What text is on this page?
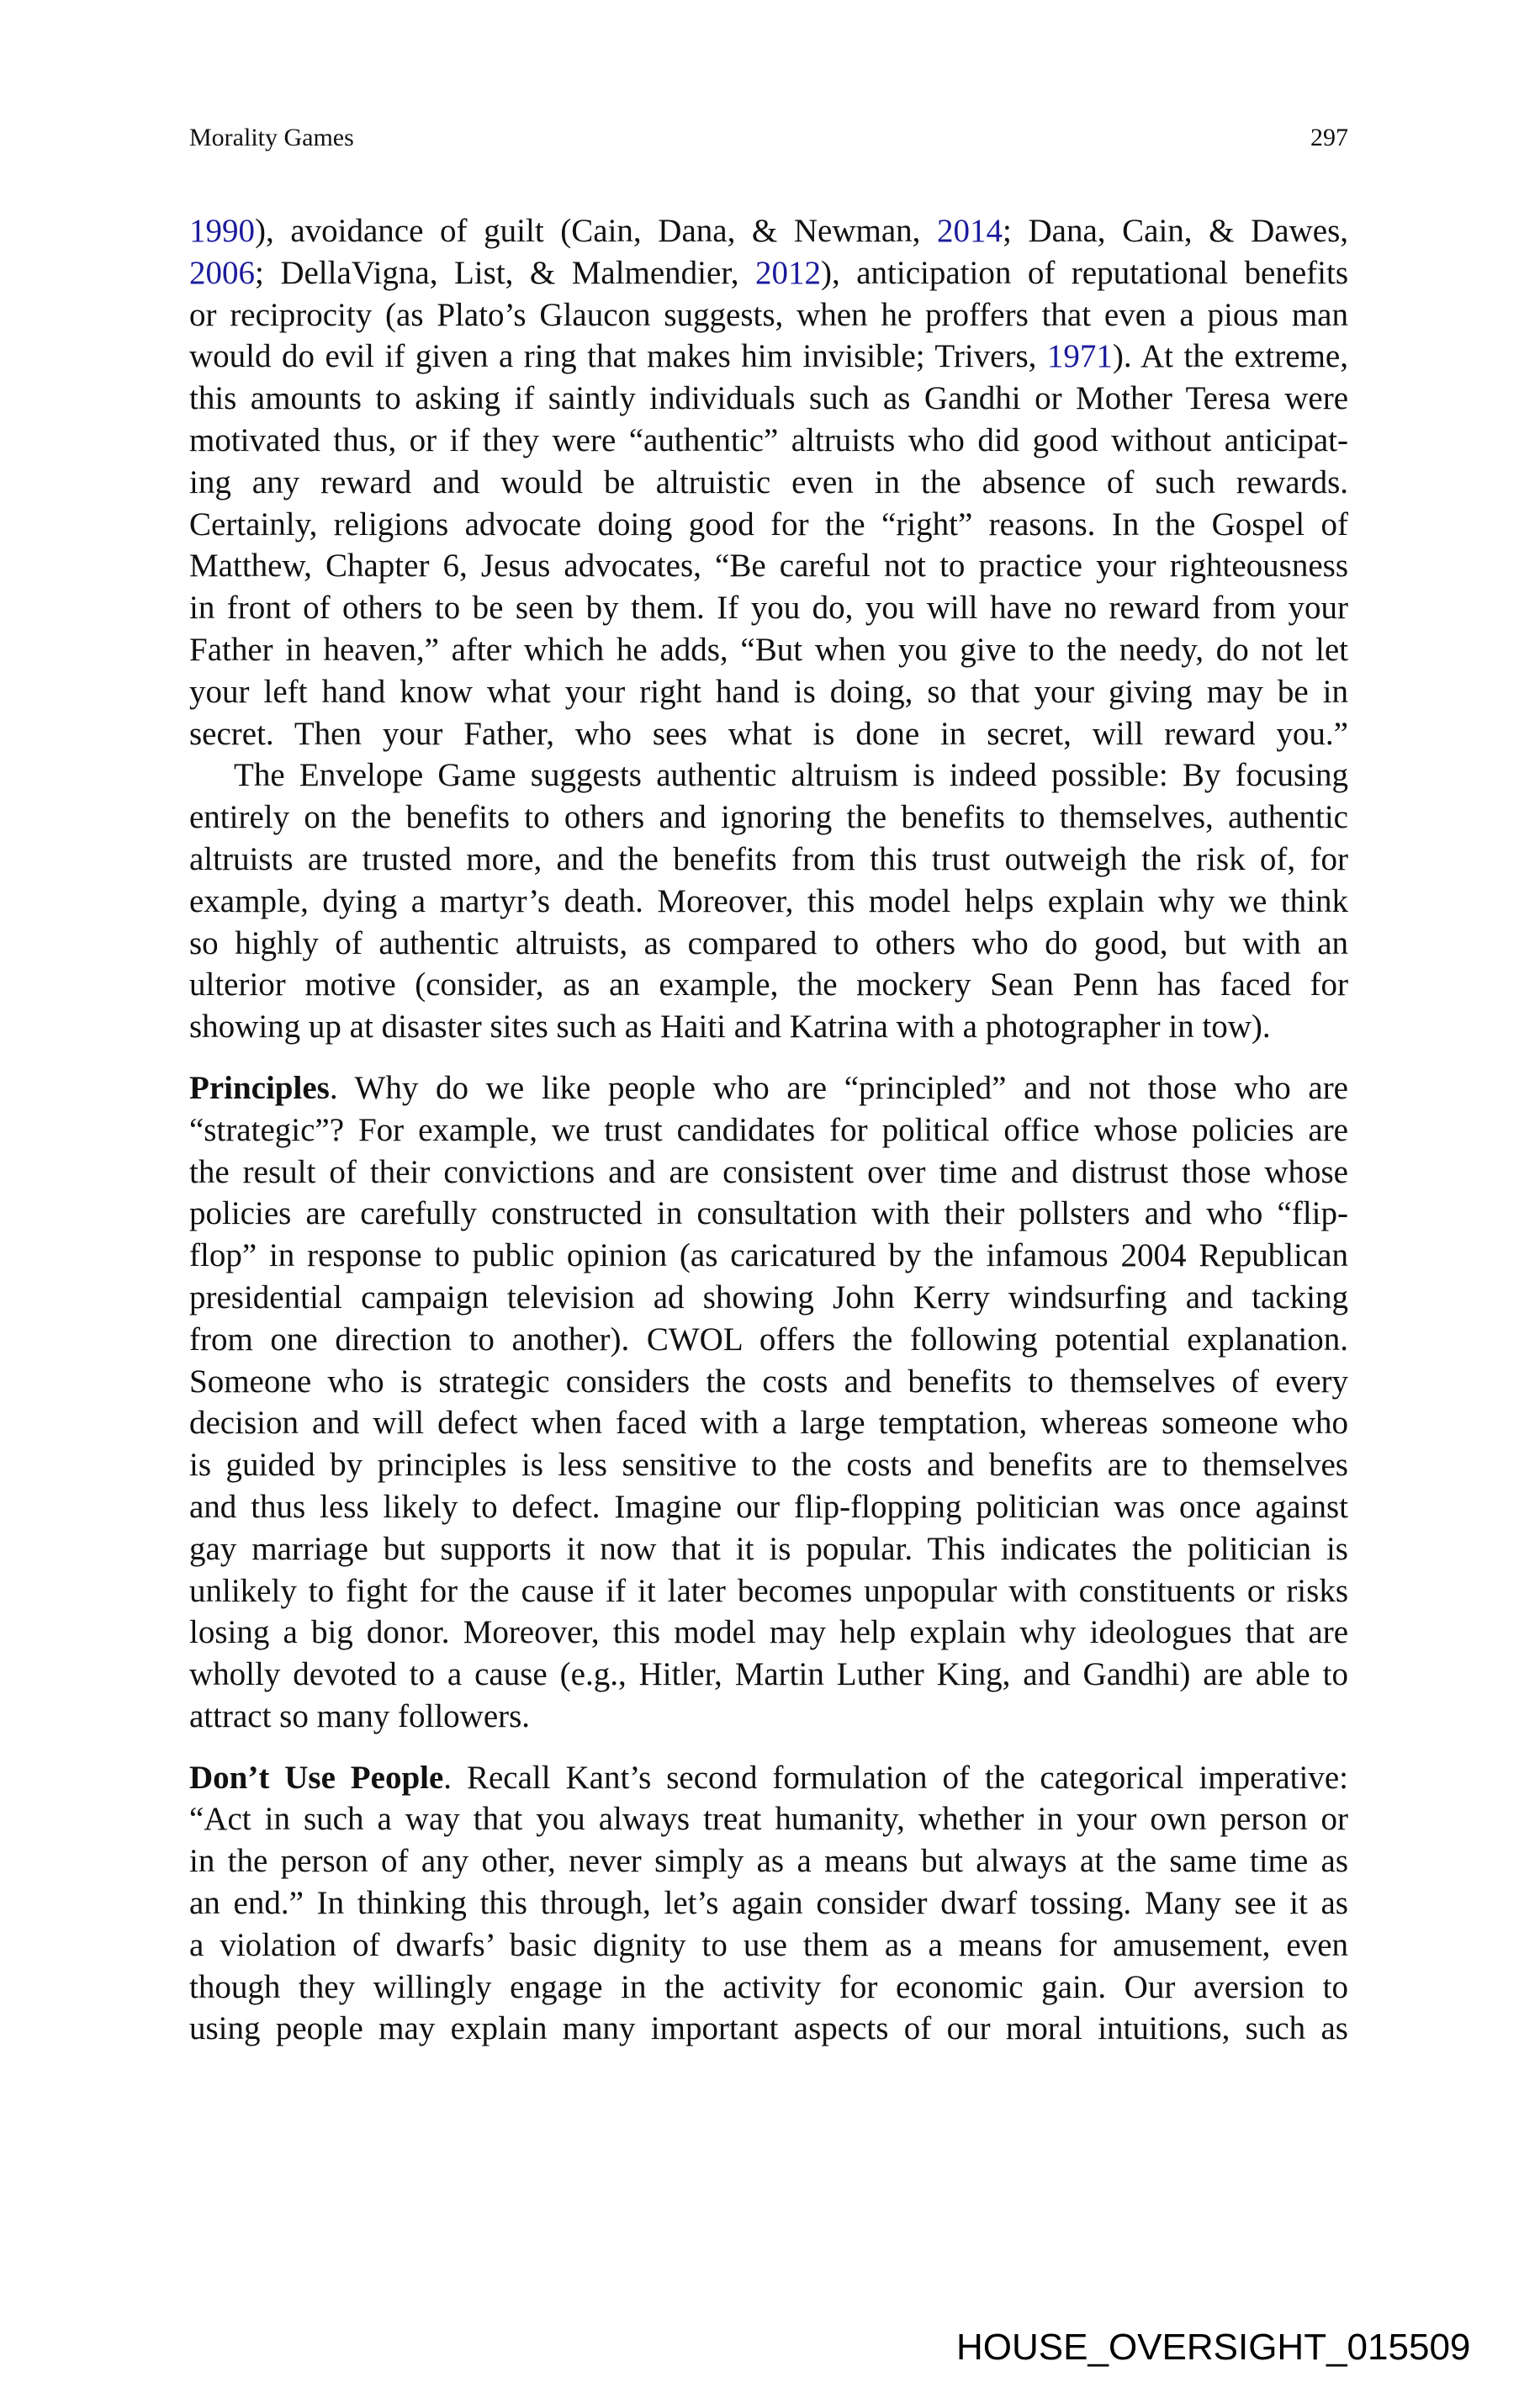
Morality Games	297
1990), avoidance of guilt (Cain, Dana, & Newman, 2014; Dana, Cain, & Dawes,
2006; DellaVigna, List, & Malmendier, 2012), anticipation of reputational benefits
or reciprocity (as Plato’s Glaucon suggests, when he proffers that even a pious man
would do evil if given a ring that makes him invisible; Trivers, 1971). At the extreme,
this amounts to asking if saintly individuals such as Gandhi or Mother Teresa were
motivated thus, or if they were “authentic” altruists who did good without anticipat-
ing any reward and would be altruistic even in the absence of such rewards.
Certainly, religions advocate doing good for the “right” reasons. In the Gospel of
Matthew, Chapter 6, Jesus advocates, “Be careful not to practice your righteousness
in front of others to be seen by them. If you do, you will have no reward from your
Father in heaven,” after which he adds, “But when you give to the needy, do not let
your left hand know what your right hand is doing, so that your giving may be in
secret. Then your Father, who sees what is done in secret, will reward you.”
The Envelope Game suggests authentic altruism is indeed possible: By focusing
entirely on the benefits to others and ignoring the benefits to themselves, authentic
altruists are trusted more, and the benefits from this trust outweigh the risk of, for
example, dying a martyr’s death. Moreover, this model helps explain why we think
so highly of authentic altruists, as compared to others who do good, but with an
ulterior motive (consider, as an example, the mockery Sean Penn has faced for
showing up at disaster sites such as Haiti and Katrina with a photographer in tow).
Principles. Why do we like people who are “principled” and not those who are
“strategic”? For example, we trust candidates for political office whose policies are
the result of their convictions and are consistent over time and distrust those whose
policies are carefully constructed in consultation with their pollsters and who “flip-
flop” in response to public opinion (as caricatured by the infamous 2004 Republican
presidential campaign television ad showing John Kerry windsurfing and tacking
from one direction to another). CWOL offers the following potential explanation.
Someone who is strategic considers the costs and benefits to themselves of every
decision and will defect when faced with a large temptation, whereas someone who
is guided by principles is less sensitive to the costs and benefits are to themselves
and thus less likely to defect. Imagine our flip-flopping politician was once against
gay marriage but supports it now that it is popular. This indicates the politician is
unlikely to fight for the cause if it later becomes unpopular with constituents or risks
losing a big donor. Moreover, this model may help explain why ideologues that are
wholly devoted to a cause (e.g., Hitler, Martin Luther King, and Gandhi) are able to
attract so many followers.
Don’t Use People. Recall Kant’s second formulation of the categorical imperative:
“Act in such a way that you always treat humanity, whether in your own person or
in the person of any other, never simply as a means but always at the same time as
an end.” In thinking this through, let’s again consider dwarf tossing. Many see it as
a violation of dwarfs’ basic dignity to use them as a means for amusement, even
though they willingly engage in the activity for economic gain. Our aversion to
using people may explain many important aspects of our moral intuitions, such as
HOUSE_OVERSIGHT_015509
